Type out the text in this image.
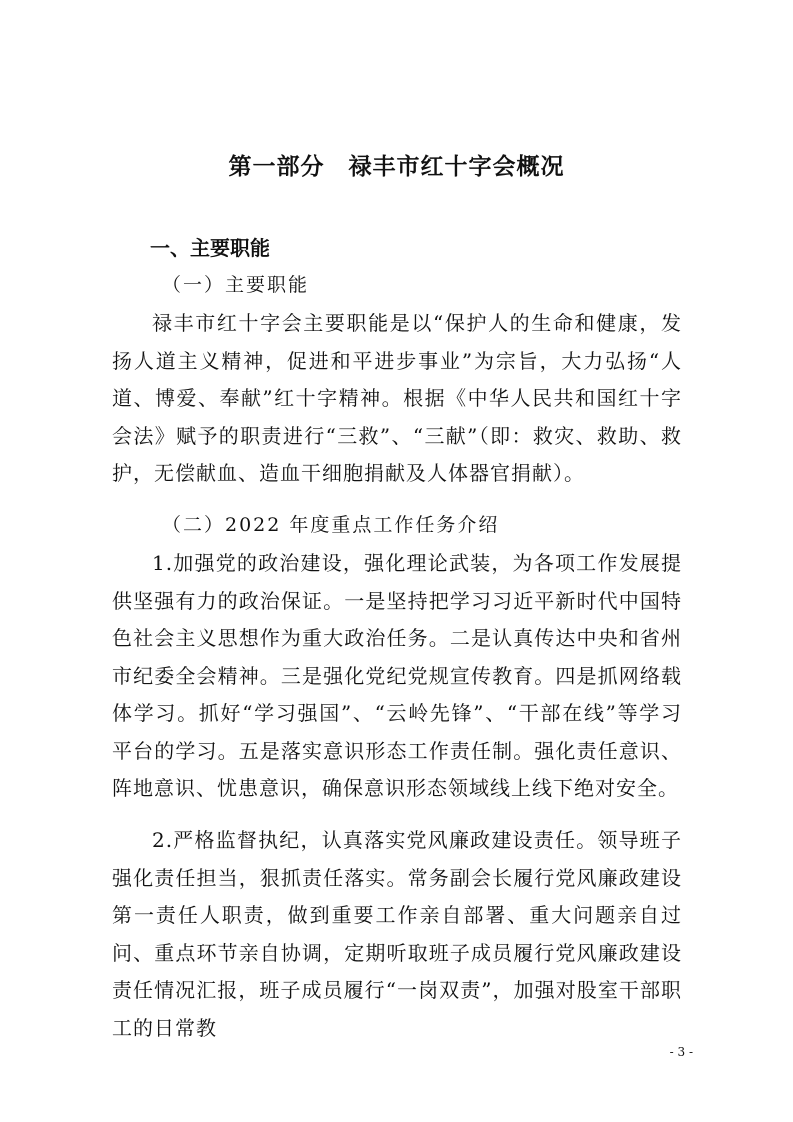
第一部分　禄丰市红十字会概况
一、主要职能
（一）主要职能

禄丰市红十字会主要职能是以“保护人的生命和健康，发扬人道主义精神，促进和平进步事业”为宗旨，大力弘扬“人道、博爱、奉献”红十字精神。根据《中华人民共和国红十字会法》赋予的职责进行“三救”、“三献”（即：救灾、救助、救护，无偿献血、造血干细胞捐献及人体器官捐献）。

（二）2022 年度重点工作任务介绍

1.加强党的政治建设，强化理论武装，为各项工作发展提供坚强有力的政治保证。一是坚持把学习习近平新时代中国特色社会主义思想作为重大政治任务。二是认真传达中央和省州市纪委全会精神。三是强化党纪党规宣传教育。四是抓网络载体学习。抓好“学习强国”、“云岭先锋”、“干部在线”等学习平台的学习。五是落实意识形态工作责任制。强化责任意识、阵地意识、忧患意识，确保意识形态领域线上线下绝对安全。

2.严格监督执纪，认真落实党风廉政建设责任。领导班子强化责任担当，狠抓责任落实。常务副会长履行党风廉政建设第一责任人职责，做到重要工作亲自部署、重大问题亲自过问、重点环节亲自协调，定期听取班子成员履行党风廉政建设责任情况汇报，班子成员履行“一岗双责”，加强对股室干部职工的日常教

- 3 -
